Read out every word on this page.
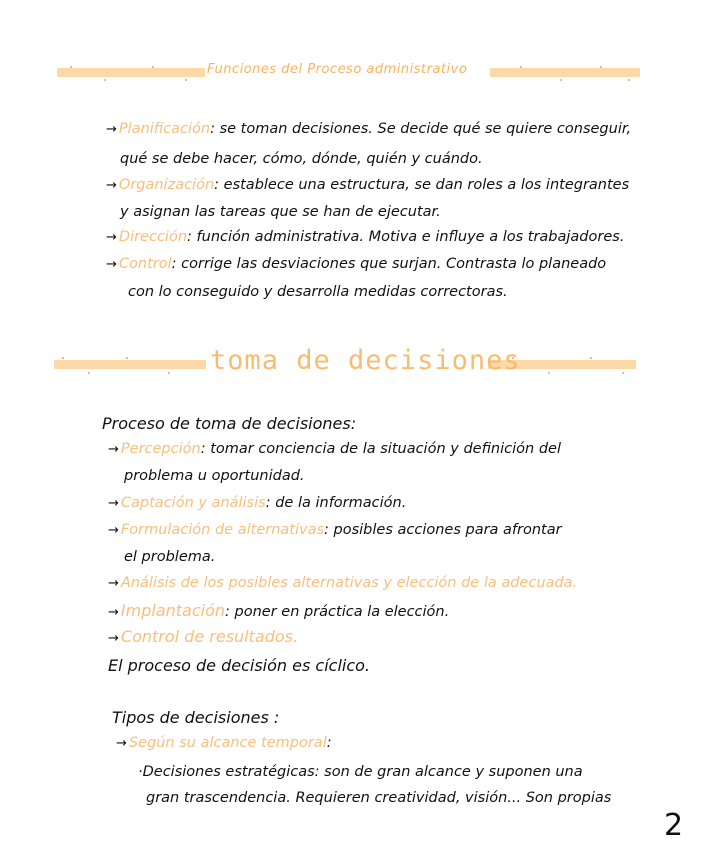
Funciones del Proceso administrativo
→ Planificación: se toman decisiones. Se decide qué se quiere conseguir,
qué se debe hacer, cómo, dónde, quién y cuándo.
→ Organización: establece una estructura, se dan roles a los integrantes
y asignan las tareas que se han de ejecutar.
→ Dirección: función administrativa. Motiva e influye a los trabajadores.
→ Control: corrige las desviaciones que surjan. Contrasta lo planeado
con lo conseguido y desarrolla medidas correctoras.
toma de decisiones
Proceso de toma de decisiones:
→ Percepción: tomar conciencia de la situación y definición del
problema u oportunidad.
→ Captación y análisis: de la información.
→ Formulación de alternativas: posibles acciones para afrontar
el problema.
→ Análisis de los posibles alternativas y elección de la adecuada.
→ Implantación: poner en práctica la elección.
→ Control de resultados.
El proceso de decisión es cíclico.
Tipos de decisiones :
→ Según su alcance temporal:
·Decisiones estratégicas: son de gran alcance y suponen una
gran trascendencia. Requieren creatividad, visión... Son propias
2
